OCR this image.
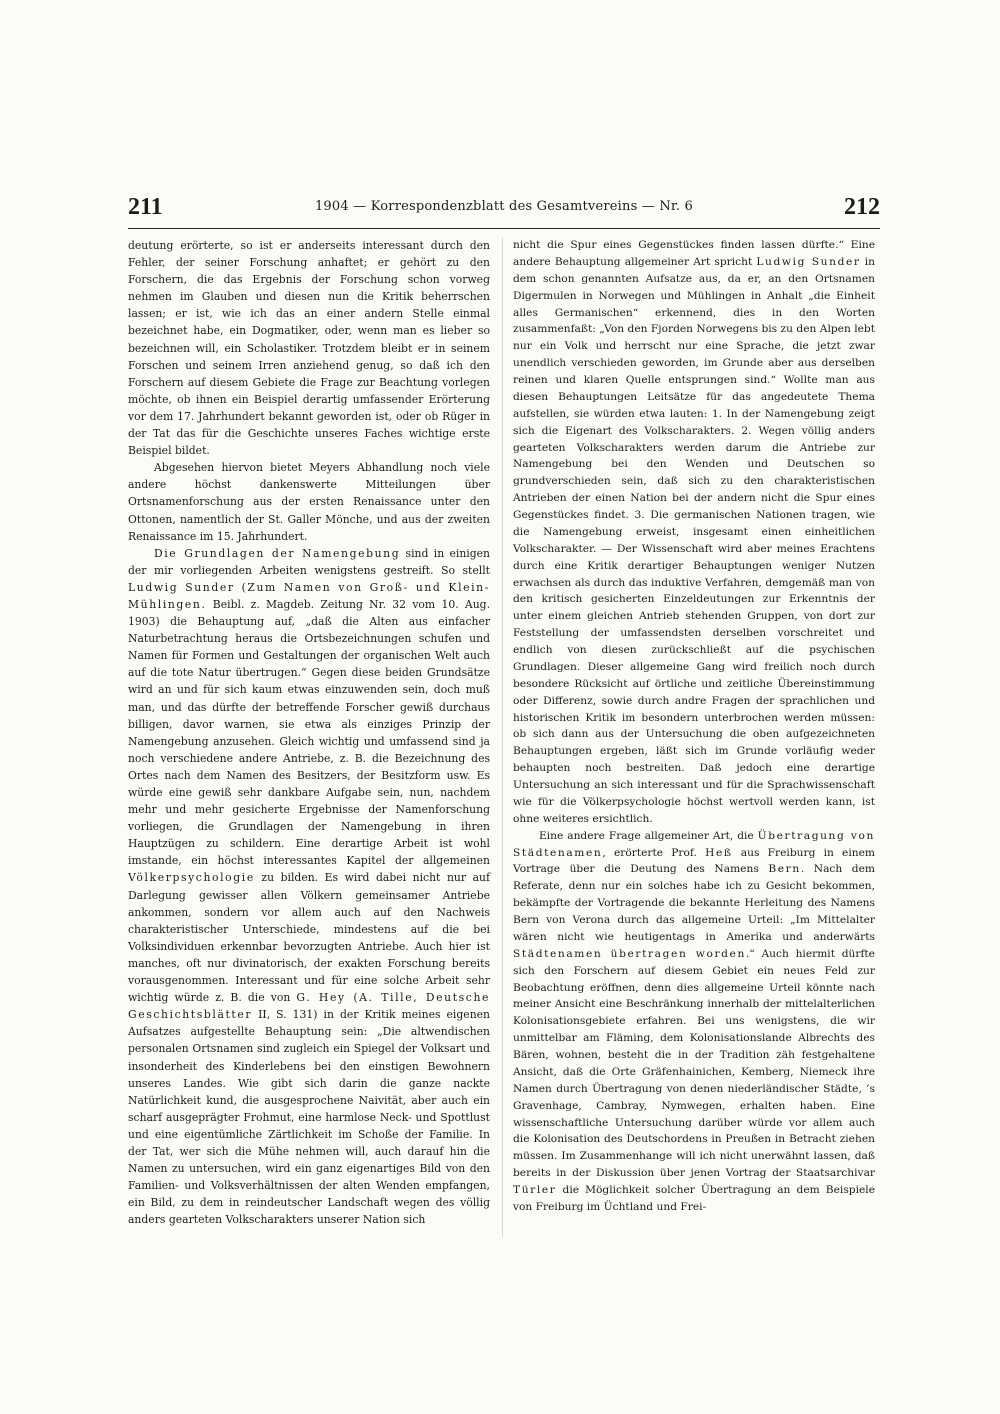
211	1904 — Korrespondenzblatt des Gesamtvereins — Nr. 6	212

deutung erörterte, so ist er anderseits interessant durch den Fehler, der seiner Forschung anhaftet; er gehört zu den Forschern, die das Ergebnis der Forschung schon vorweg nehmen im Glauben und diesen nun die Kritik beherrschen lassen; er ist, wie ich das an einer andern Stelle einmal bezeichnet habe, ein Dogmatiker, oder, wenn man es lieber so bezeichnen will, ein Scholastiker. Trotzdem bleibt er in seinem Forschen und seinem Irren anziehend genug, so daß ich den Forschern auf diesem Gebiete die Frage zur Beachtung vorlegen möchte, ob ihnen ein Beispiel derartig umfassender Erörterung vor dem 17. Jahrhundert bekannt geworden ist, oder ob Rüger in der Tat das für die Geschichte unseres Faches wichtige erste Beispiel bildet.

Abgesehen hiervon bietet Meyers Abhandlung noch viele andere höchst dankenswerte Mitteilungen über Ortsnamenforschung aus der ersten Renaissance unter den Ottonen, namentlich der St. Galler Mönche, und aus der zweiten Renaissance im 15. Jahrhundert.

Die Grundlagen der Namengebung sind in einigen der mir vorliegenden Arbeiten wenigstens gestreift. So stellt Ludwig Sunder (Zum Namen von Groß- und Klein-Mühlingen. Beibl. z. Magdeb. Zeitung Nr. 32 vom 10. Aug. 1903) die Behauptung auf, „daß die Alten aus einfacher Naturbetrachtung heraus die Ortsbezeichnungen schufen und Namen für Formen und Gestaltungen der organischen Welt auch auf die tote Natur übertrugen.“ Gegen diese beiden Grundsätze wird an und für sich kaum etwas einzuwenden sein, doch muß man, und das dürfte der betreffende Forscher gewiß durchaus billigen, davor warnen, sie etwa als einziges Prinzip der Namengebung anzusehen. Gleich wichtig und umfassend sind ja noch verschiedene andere Antriebe, z. B. die Bezeichnung des Ortes nach dem Namen des Besitzers, der Besitzform usw. Es würde eine gewiß sehr dankbare Aufgabe sein, nun, nachdem mehr und mehr gesicherte Ergebnisse der Namenforschung vorliegen, die Grundlagen der Namengebung in ihren Hauptzügen zu schildern. Eine derartige Arbeit ist wohl imstande, ein höchst interessantes Kapitel der allgemeinen Völkerpsychologie zu bilden. Es wird dabei nicht nur auf Darlegung gewisser allen Völkern gemeinsamer Antriebe ankommen, sondern vor allem auch auf den Nachweis charakteristischer Unterschiede, mindestens auf die bei Volksindividuen erkennbar bevorzugten Antriebe. Auch hier ist manches, oft nur divinatorisch, der exakten Forschung bereits vorausgenommen. Interessant und für eine solche Arbeit sehr wichtig würde z. B. die von G. Hey (A. Tille, Deutsche Geschichtsblätter II, S. 131) in der Kritik meines eigenen Aufsatzes aufgestellte Behauptung sein: „Die altwendischen personalen Ortsnamen sind zugleich ein Spiegel der Volksart und insonderheit des Kinderlebens bei den einstigen Bewohnern unseres Landes. Wie gibt sich darin die ganze nackte Natürlichkeit kund, die ausgesprochene Naivität, aber auch ein scharf ausgeprägter Frohmut, eine harmlose Neck- und Spottlust und eine eigentümliche Zärtlichkeit im Schoße der Familie. In der Tat, wer sich die Mühe nehmen will, auch darauf hin die Namen zu untersuchen, wird ein ganz eigenartiges Bild von den Familien- und Volksverhältnissen der alten Wenden empfangen, ein Bild, zu dem in reindeutscher Landschaft wegen des völlig anders gearteten Volkscharakters unserer Nation sich

nicht die Spur eines Gegenstückes finden lassen dürfte.“ Eine andere Behauptung allgemeiner Art spricht Ludwig Sunder in dem schon genannten Aufsatze aus, da er, an den Ortsnamen Digermulen in Norwegen und Mühlingen in Anhalt „die Einheit alles Germanischen“ erkennend, dies in den Worten zusammenfaßt: „Von den Fjorden Norwegens bis zu den Alpen lebt nur ein Volk und herrscht nur eine Sprache, die jetzt zwar unendlich verschieden geworden, im Grunde aber aus derselben reinen und klaren Quelle entsprungen sind.“ Wollte man aus diesen Behauptungen Leitsätze für das angedeutete Thema aufstellen, sie würden etwa lauten: 1. In der Namengebung zeigt sich die Eigenart des Volkscharakters. 2. Wegen völlig anders gearteten Volkscharakters werden darum die Antriebe zur Namengebung bei den Wenden und Deutschen so grundverschieden sein, daß sich zu den charakteristischen Antrieben der einen Nation bei der andern nicht die Spur eines Gegenstückes findet. 3. Die germanischen Nationen tragen, wie die Namengebung erweist, insgesamt einen einheitlichen Volkscharakter. — Der Wissenschaft wird aber meines Erachtens durch eine Kritik derartiger Behauptungen weniger Nutzen erwachsen als durch das induktive Verfahren, demgemäß man von den kritisch gesicherten Einzeldeutungen zur Erkenntnis der unter einem gleichen Antrieb stehenden Gruppen, von dort zur Feststellung der umfassendsten derselben vorschreitet und endlich von diesen zurückschließt auf die psychischen Grundlagen. Dieser allgemeine Gang wird freilich noch durch besondere Rücksicht auf örtliche und zeitliche Übereinstimmung oder Differenz, sowie durch andre Fragen der sprachlichen und historischen Kritik im besondern unterbrochen werden müssen: ob sich dann aus der Untersuchung die oben aufgezeichneten Behauptungen ergeben, läßt sich im Grunde vorläufig weder behaupten noch bestreiten. Daß jedoch eine derartige Untersuchung an sich interessant und für die Sprachwissenschaft wie für die Völkerpsychologie höchst wertvoll werden kann, ist ohne weiteres ersichtlich.

Eine andere Frage allgemeiner Art, die Übertragung von Städtenamen, erörterte Prof. Heß aus Freiburg in einem Vortrage über die Deutung des Namens Bern. Nach dem Referate, denn nur ein solches habe ich zu Gesicht bekommen, bekämpfte der Vortragende die bekannte Herleitung des Namens Bern von Verona durch das allgemeine Urteil: „Im Mittelalter wären nicht wie heutigentags in Amerika und anderwärts Städtenamen übertragen worden.“ Auch hiermit dürfte sich den Forschern auf diesem Gebiet ein neues Feld zur Beobachtung eröffnen, denn dies allgemeine Urteil könnte nach meiner Ansicht eine Beschränkung innerhalb der mittelalterlichen Kolonisationsgebiete erfahren. Bei uns wenigstens, die wir unmittelbar am Fläming, dem Kolonisationslande Albrechts des Bären, wohnen, besteht die in der Tradition zäh festgehaltene Ansicht, daß die Orte Gräfenhainichen, Kemberg, Niemeck ihre Namen durch Übertragung von denen niederländischer Städte, ’s Gravenhage, Cambray, Nymwegen, erhalten haben. Eine wissenschaftliche Untersuchung darüber würde vor allem auch die Kolonisation des Deutschordens in Preußen in Betracht ziehen müssen. Im Zusammenhange will ich nicht unerwähnt lassen, daß bereits in der Diskussion über jenen Vortrag der Staatsarchivar Türler die Möglichkeit solcher Übertragung an dem Beispiele von Freiburg im Üchtland und Frei-
